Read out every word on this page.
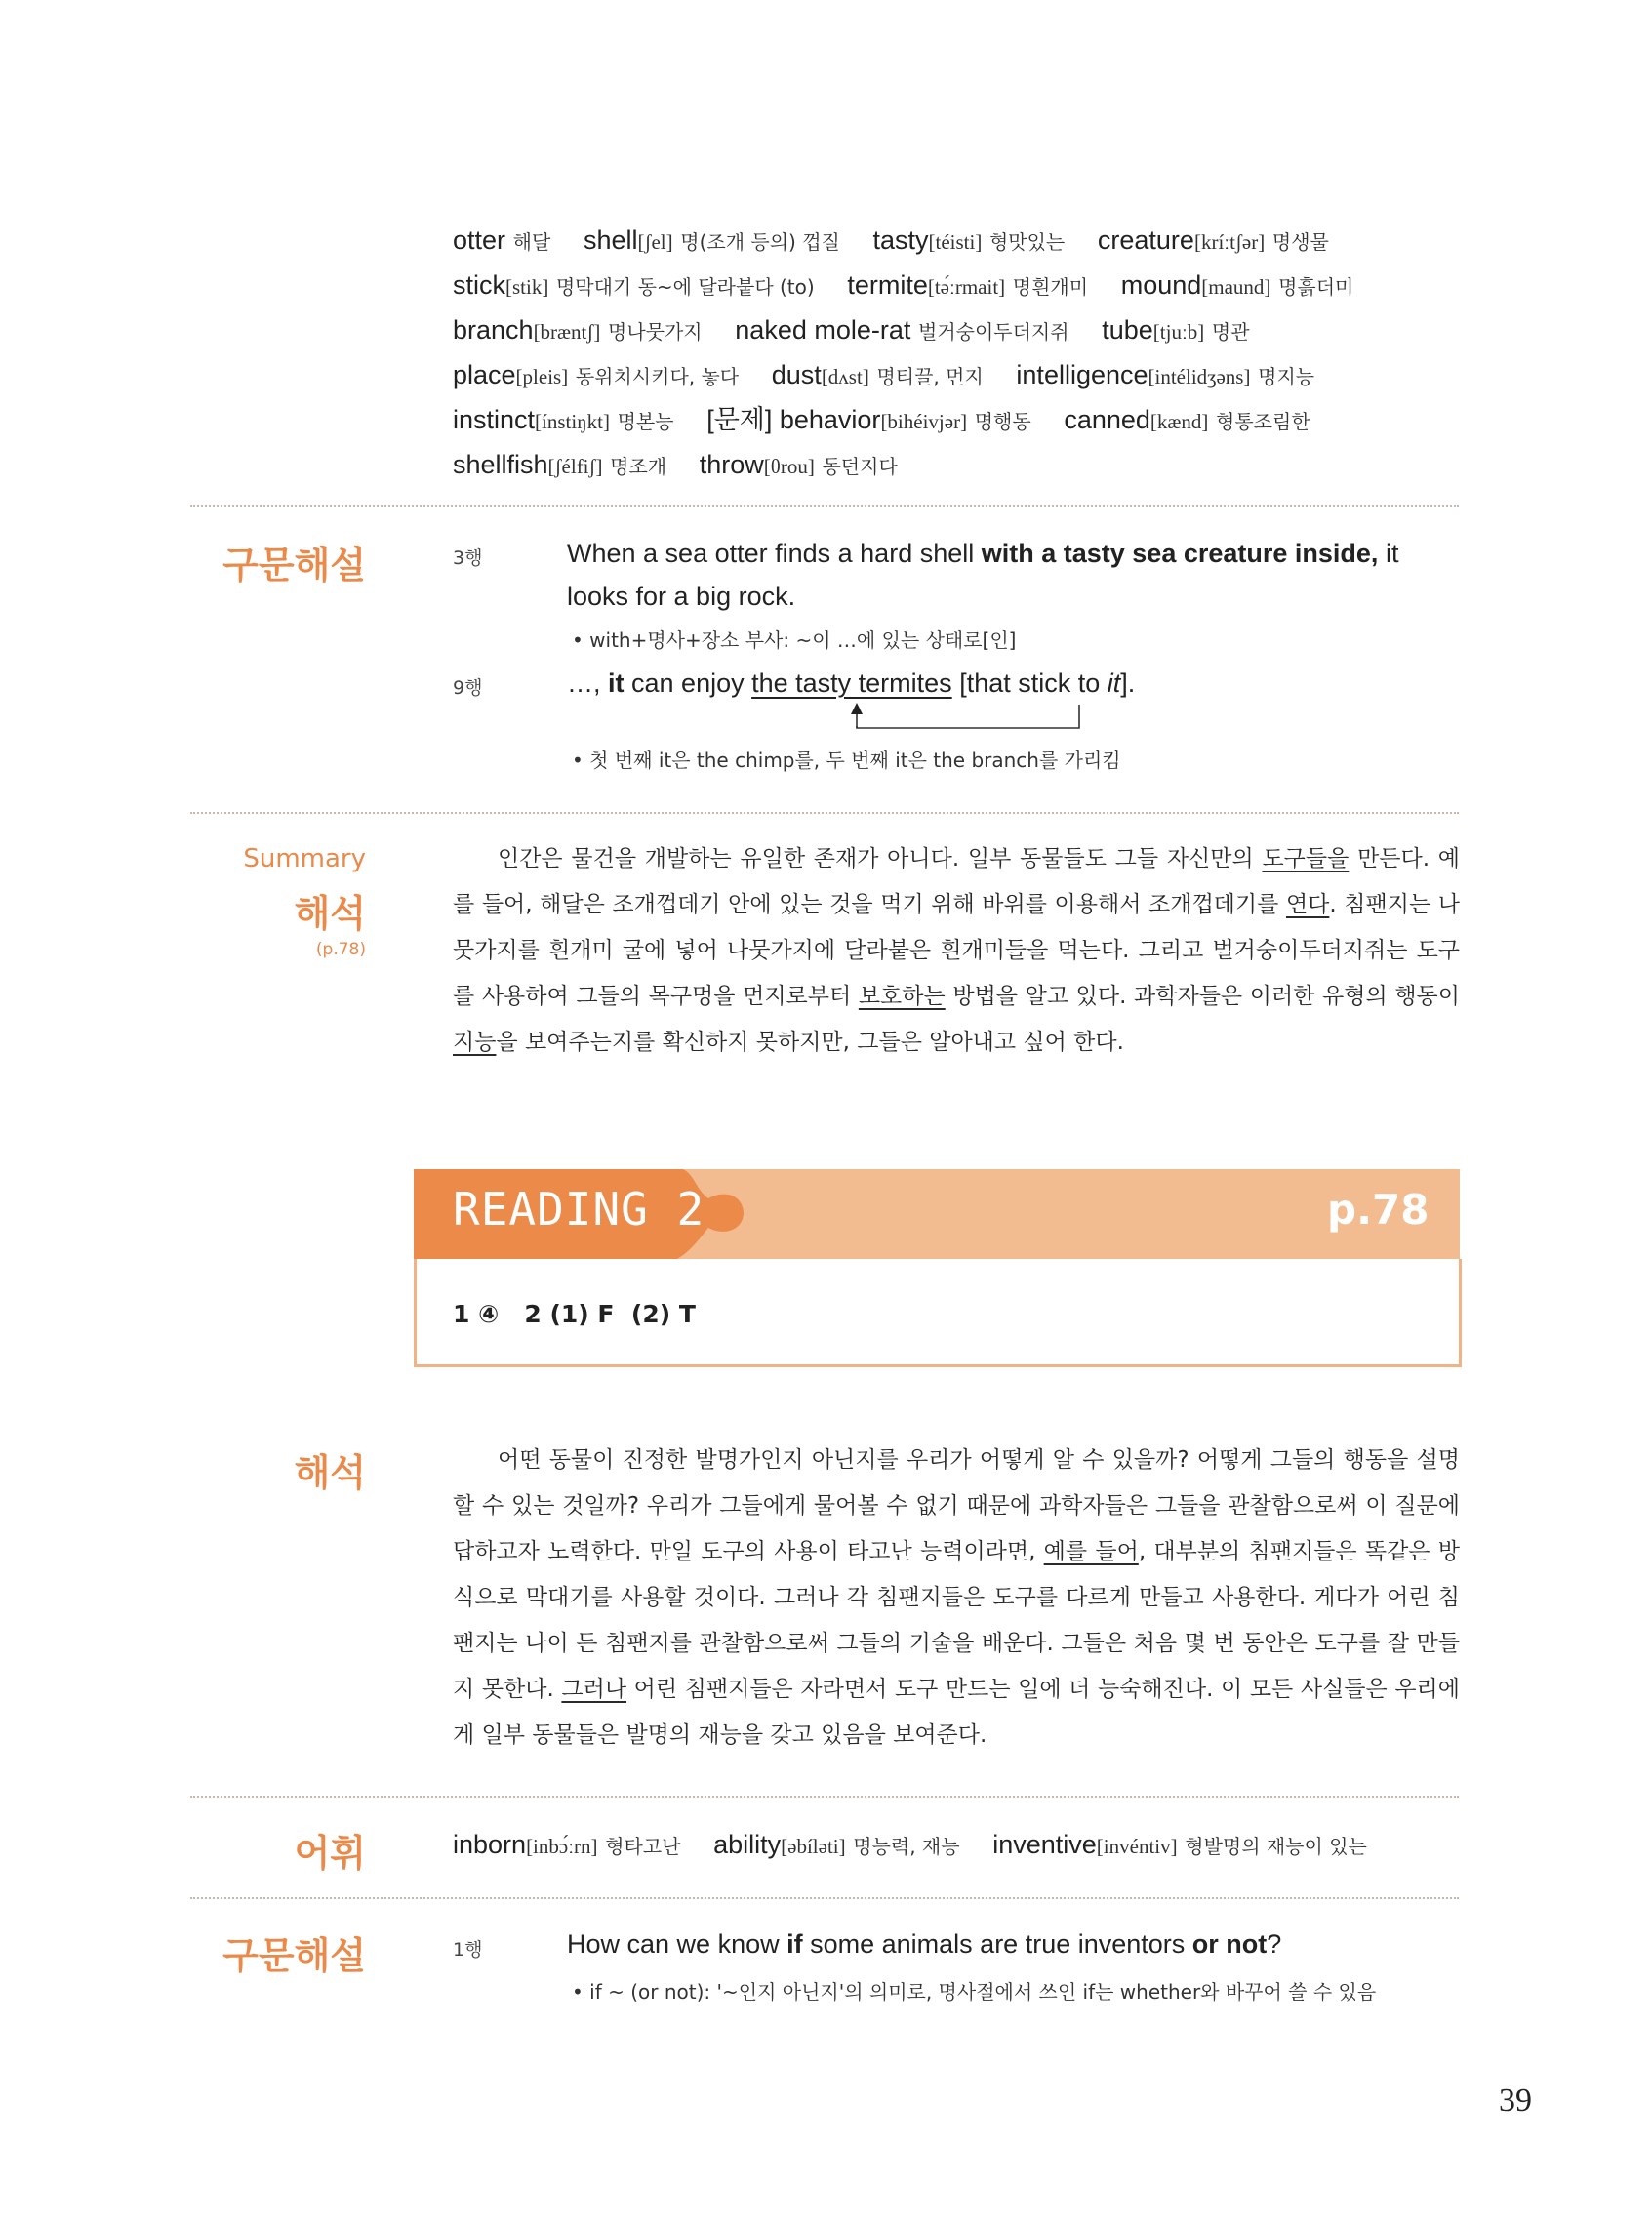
otter 해달 shell[ʃel] 명(조개 등의) 껍질 tasty[téisti] 형맛있는 creature[kríːtʃər] 명생물 stick[stik] 명막대기 동~에 달라붙다 (to) termite[tə́ːrmait] 명흰개미 mound[maund] 명흙더미 branch[bræntʃ] 명나뭇가지 naked mole-rat 벌거숭이두더지쥐 tube[tjuːb] 명관 place[pleis] 동위치시키다, 놓다 dust[dʌst] 명티끌, 먼지 intelligence[intélidʒəns] 명지능 instinct[ínstiŋkt] 명본능 [문제] behavior[bihéivjər] 명행동 canned[kænd] 형통조림한 shellfish[ʃélfiʃ] 명조개 throw[θrou] 동던지다
구문해설	3행	When a sea otter finds a hard shell with a tasty sea creature inside, it
looks for a big rock.
• with+명사+장소 부사: ~이 …에 있는 상태로[인]
9행	…, it can enjoy the tasty termites [that stick to it].
• 첫 번째 it은 the chimp를, 두 번째 it은 the branch를 가리킴
Summary
해석
(p.78)
인간은 물건을 개발하는 유일한 존재가 아니다. 일부 동물들도 그들 자신만의 도구들을 만든다. 예를 들어, 해달은 조개껍데기 안에 있는 것을 먹기 위해 바위를 이용해서 조개껍데기를 연다. 침팬지는 나뭇가지를 흰개미 굴에 넣어 나뭇가지에 달라붙은 흰개미들을 먹는다. 그리고 벌거숭이두더지쥐는 도구를 사용하여 그들의 목구멍을 먼지로부터 보호하는 방법을 알고 있다. 과학자들은 이러한 유형의 행동이 지능을 보여주는지를 확신하지 못하지만, 그들은 알아내고 싶어 한다.
READING 2	p.78
1 ④   2 (1) F  (2) T
해석	어떤 동물이 진정한 발명가인지 아닌지를 우리가 어떻게 알 수 있을까? 어떻게 그들의 행동을 설명할 수 있는 것일까? 우리가 그들에게 물어볼 수 없기 때문에 과학자들은 그들을 관찰함으로써 이 질문에 답하고자 노력한다. 만일 도구의 사용이 타고난 능력이라면, 예를 들어, 대부분의 침팬지들은 똑같은 방식으로 막대기를 사용할 것이다. 그러나 각 침팬지들은 도구를 다르게 만들고 사용한다. 게다가 어린 침팬지는 나이 든 침팬지를 관찰함으로써 그들의 기술을 배운다. 그들은 처음 몇 번 동안은 도구를 잘 만들지 못한다. 그러나 어린 침팬지들은 자라면서 도구 만드는 일에 더 능숙해진다. 이 모든 사실들은 우리에게 일부 동물들은 발명의 재능을 갖고 있음을 보여준다.
어휘	inborn[inbɔ́ːrn] 형타고난 ability[əbíləti] 명능력, 재능 inventive[invéntiv] 형발명의 재능이 있는
구문해설	1행	How can we know if some animals are true inventors or not?
• if ~ (or not): '~인지 아닌지'의 의미로, 명사절에서 쓰인 if는 whether와 바꾸어 쓸 수 있음
39
